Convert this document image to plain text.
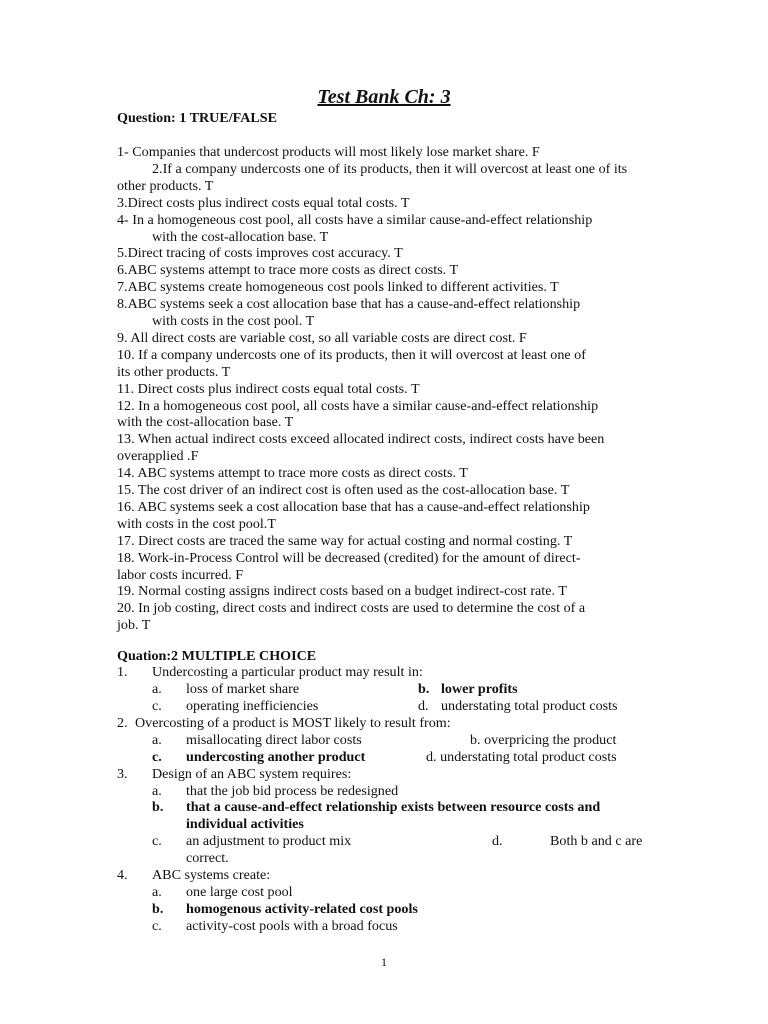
Test Bank Ch: 3
Question: 1 TRUE/FALSE
1- Companies that undercost products will most likely lose market share. F
2.If a company undercosts one of its products, then it will overcost at least one of its
other products. T
3.Direct costs plus indirect costs equal total costs. T
4- In a homogeneous cost pool, all costs have a similar cause-and-effect relationship
with the cost-allocation base. T
5.Direct tracing of costs improves cost accuracy. T
6.ABC systems attempt to trace more costs as direct costs. T
7.ABC systems create homogeneous cost pools linked to different activities. T
8.ABC systems seek a cost allocation base that has a cause-and-effect relationship
with costs in the cost pool. T
9. All direct costs are variable cost, so all variable costs are direct cost. F
10. If a company undercosts one of its products, then it will overcost at least one of
its other products. T
11. Direct costs plus indirect costs equal total costs. T
12. In a homogeneous cost pool, all costs have a similar cause-and-effect relationship
with the cost-allocation base. T
13. When actual indirect costs exceed allocated indirect costs, indirect costs have been
overapplied .F
14. ABC systems attempt to trace more costs as direct costs. T
15. The cost driver of an indirect cost is often used as the cost-allocation base. T
16. ABC systems seek a cost allocation base that has a cause-and-effect relationship
with costs in the cost pool.T
17. Direct costs are traced the same way for actual costing and normal costing. T
18. Work-in-Process Control will be decreased (credited) for the amount of direct-
labor costs incurred. F
19. Normal costing assigns indirect costs based on a budget indirect-cost rate. T
20. In job costing, direct costs and indirect costs are used to determine the cost of a
job. T
Quation:2 MULTIPLE CHOICE
1. Undercosting a particular product may result in:
a. loss of market share	b. lower profits
c. operating inefficiencies	d. understating total product costs
2. Overcosting of a product is MOST likely to result from:
a. misallocating direct labor costs	b. overpricing the product
c. undercosting another product	d. understating total product costs
3. Design of an ABC system requires:
a. that the job bid process be redesigned
b. that a cause-and-effect relationship exists between resource costs and
individual activities
c. an adjustment to product mix	d.	Both b and c are
correct.
4. ABC systems create:
a. one large cost pool
b. homogenous activity-related cost pools
c. activity-cost pools with a broad focus
1
